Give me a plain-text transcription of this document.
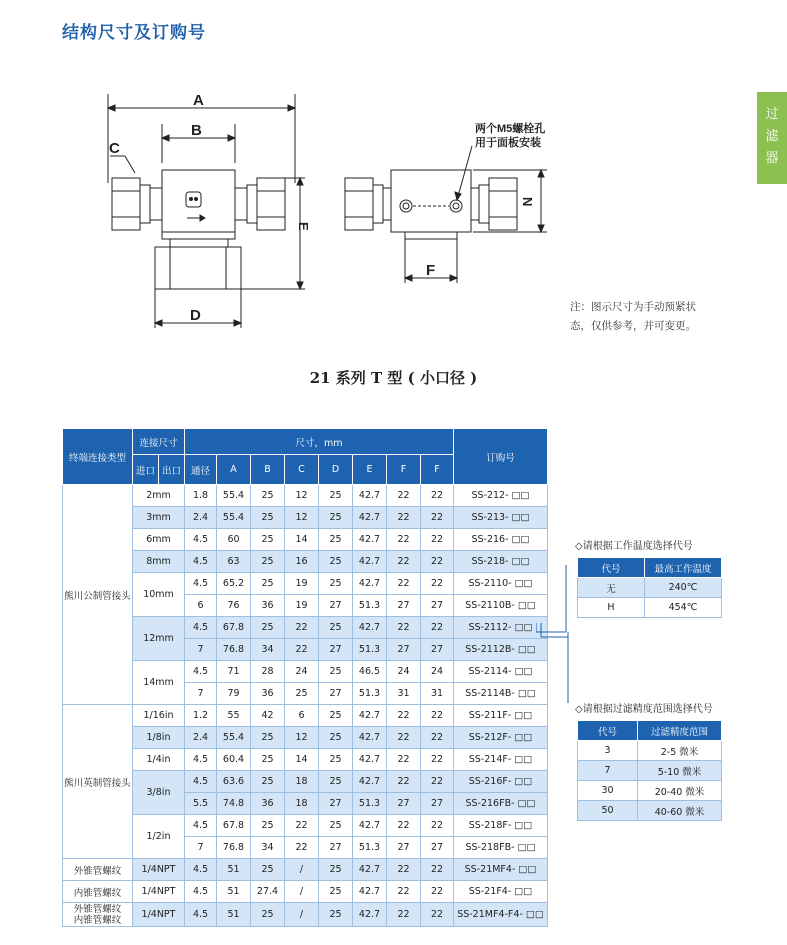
结构尺寸及订购号
过
滤
器
A
B
C
E
D
N
F
两个M5螺栓孔
用于面板安装
注：图示尺寸为手动预紧状
态，仅供参考，并可变更。
21 系列 T 型 ( 小口径 )
终端连接类型	连接尺寸		尺寸，mm								订购号
	进口	出口	通径	A	B	C	D	E	F	F	
熊川公制管接头	2mm		1.8	55.4	25	12	25	42.7	22	22	SS-212- □□
	3mm		2.4	55.4	25	12	25	42.7	22	22	SS-213- □□
	6mm		4.5	60	25	14	25	42.7	22	22	SS-216- □□
	8mm		4.5	63	25	16	25	42.7	22	22	SS-218- □□
	10mm		4.5	65.2	25	19	25	42.7	22	22	SS-2110- □□
			6	76	36	19	27	51.3	27	27	SS-2110B- □□
	12mm		4.5	67.8	25	22	25	42.7	22	22	SS-2112- □□
			7	76.8	34	22	27	51.3	27	27	SS-2112B- □□
	14mm		4.5	71	28	24	25	46.5	24	24	SS-2114- □□
			7	79	36	25	27	51.3	31	31	SS-2114B- □□
熊川英制管接头	1/16in		1.2	55	42	6	25	42.7	22	22	SS-211F- □□
	1/8in		2.4	55.4	25	12	25	42.7	22	22	SS-212F- □□
	1/4in		4.5	60.4	25	14	25	42.7	22	22	SS-214F- □□
	3/8in		4.5	63.6	25	18	25	42.7	22	22	SS-216F- □□
			5.5	74.8	36	18	27	51.3	27	27	SS-216FB- □□
	1/2in		4.5	67.8	25	22	25	42.7	22	22	SS-218F- □□
			7	76.8	34	22	27	51.3	27	27	SS-218FB- □□
外锥管螺纹	1/4NPT		4.5	51	25	/	25	42.7	22	22	SS-21MF4- □□
内锥管螺纹	1/4NPT		4.5	51	27.4	/	25	42.7	22	22	SS-21F4- □□

外锥管螺纹
内锥管螺纹	1/4NPT		4.5	51	25	/	25	42.7	22	22	SS-21MF4-F4- □□
◇请根据工作温度选择代号
代号	最高工作温度
无	240℃
H	454℃
◇请根据过滤精度范围选择代号
代号	过滤精度范围
3	2-5 微米
7	5-10 微米
30	20-40 微米
50	40-60 微米
